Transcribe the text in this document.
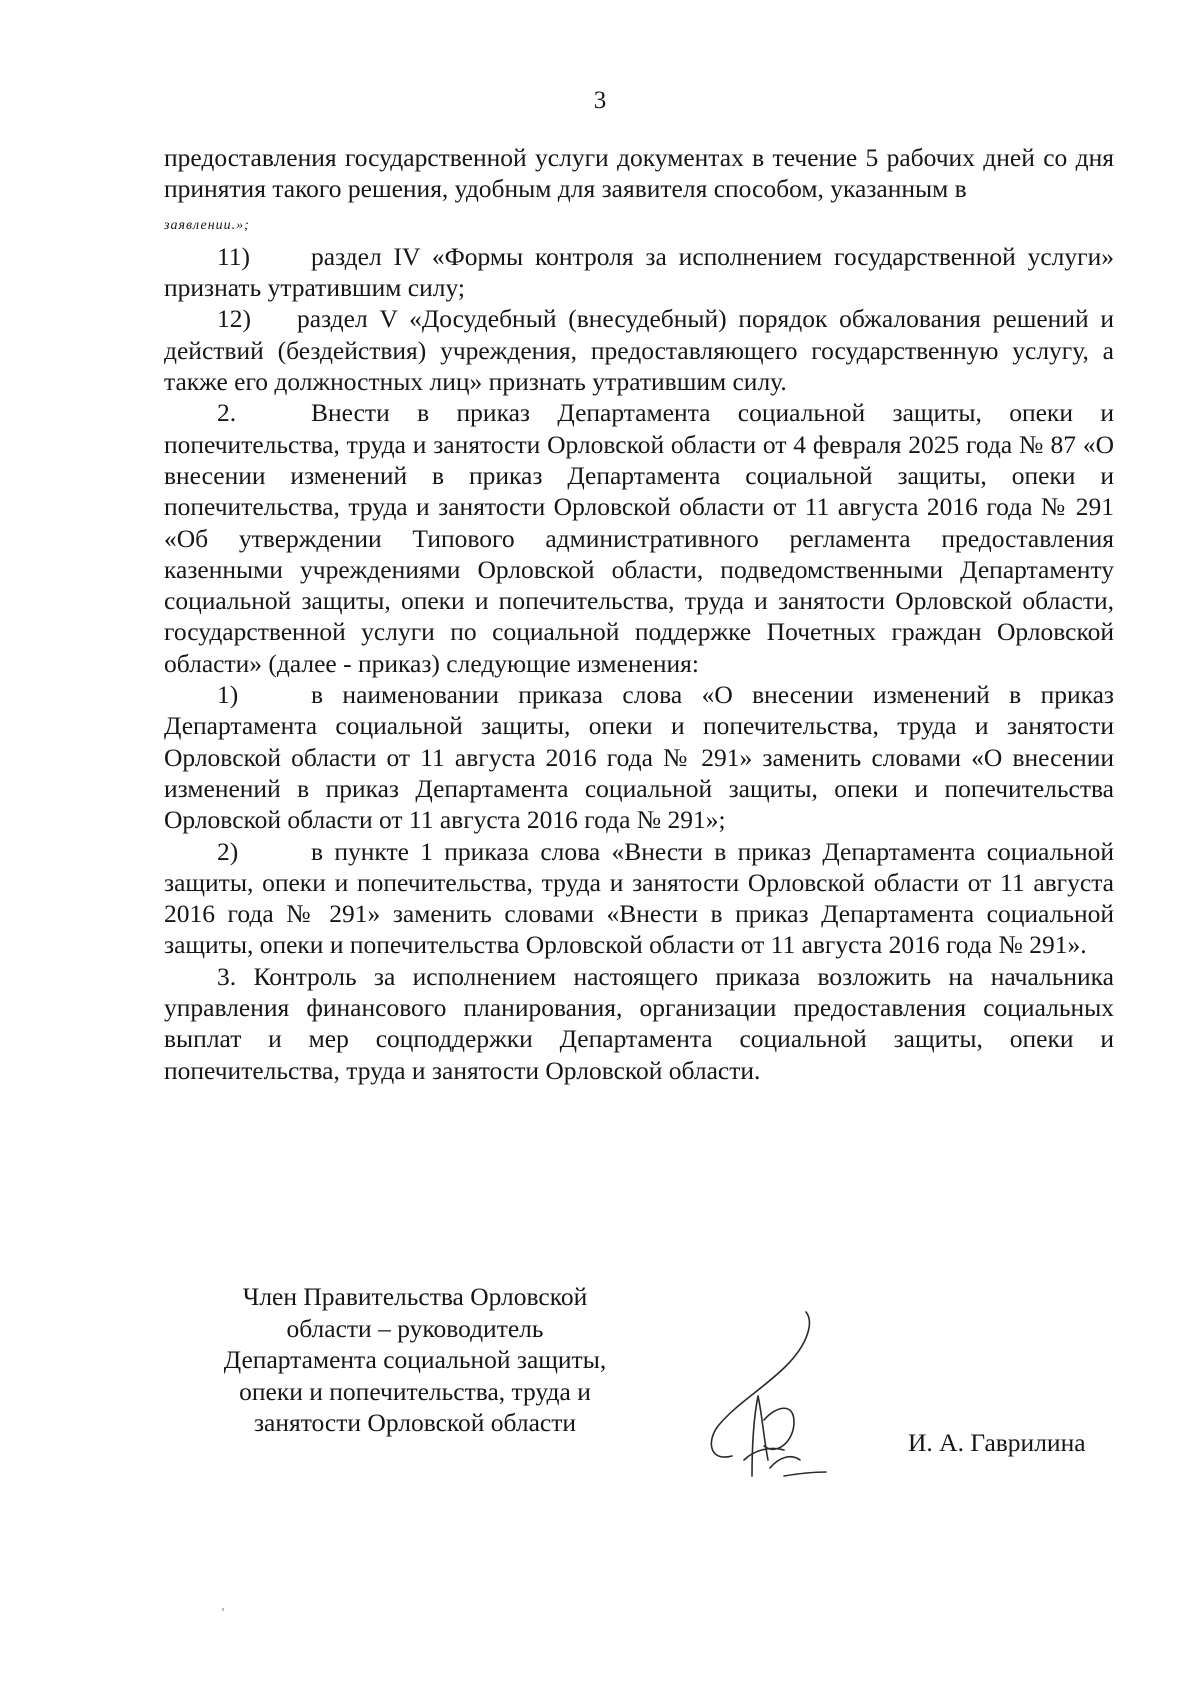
3

предоставления государственной услуги документах в течение 5 рабочих дней со дня принятия такого решения, удобным для заявителя способом, указанным в
заявлении.»;

11) раздел IV «Формы контроля за исполнением государственной услуги» признать утратившим силу;

12) раздел V «Досудебный (внесудебный) порядок обжалования решений и действий (бездействия) учреждения, предоставляющего государственную услугу, а также его должностных лиц» признать утратившим силу.

2.	Внести в приказ Департамента социальной защиты, опеки и попечительства, труда и занятости Орловской области от 4 февраля 2025 года № 87 «О внесении изменений в приказ Департамента социальной защиты, опеки и попечительства, труда и занятости Орловской области от 11 августа 2016 года № 291 «Об утверждении Типового административного регламента предоставления казенными учреждениями Орловской области, подведомственными Департаменту социальной защиты, опеки и попечительства, труда и занятости Орловской области, государственной услуги по социальной поддержке Почетных граждан Орловской области» (далее - приказ) следующие изменения:

1)	в наименовании приказа слова «О внесении изменений в приказ Департамента социальной защиты, опеки и попечительства, труда и занятости Орловской области от 11 августа 2016 года № 291» заменить словами «О внесении изменений в приказ Департамента социальной защиты, опеки и попечительства Орловской области от 11 августа 2016 года № 291»;

2)	в пункте 1 приказа слова «Внести в приказ Департамента социальной защиты, опеки и попечительства, труда и занятости Орловской области от 11 августа 2016 года № 291» заменить словами «Внести в приказ Департамента социальной защиты, опеки и попечительства Орловской области от 11 августа 2016 года № 291».

3. Контроль за исполнением настоящего приказа возложить на начальника управления финансового планирования, организации предоставления социальных выплат и мер соцподдержки Департамента социальной защиты, опеки и попечительства, труда и занятости Орловской области.

Член Правительства Орловской
области – руководитель
Департамента социальной защиты,
опеки и попечительства, труда и
занятости Орловской области
И. А. Гаврилина
